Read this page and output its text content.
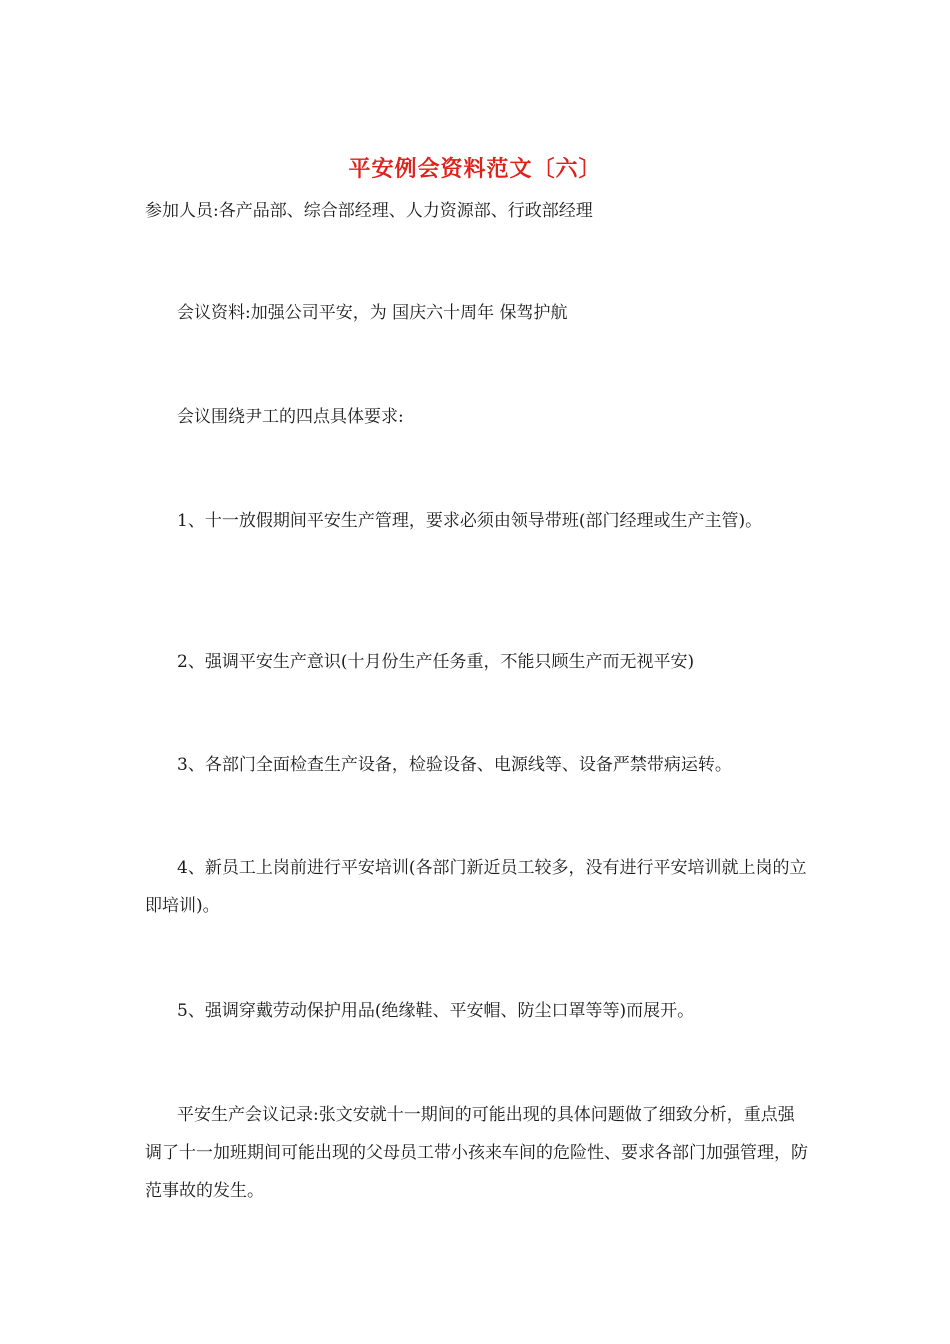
平安例会资料范文〔六〕

参加人员:各产品部、综合部经理、人力资源部、行政部经理

会议资料:加强公司平安，为 国庆六十周年 保驾护航

会议围绕尹工的四点具体要求:

1、十一放假期间平安生产管理，要求必须由领导带班(部门经理或生产主管)。

2、强调平安生产意识(十月份生产任务重，不能只顾生产而无视平安)

3、各部门全面检查生产设备，检验设备、电源线等、设备严禁带病运转。

4、新员工上岗前进行平安培训(各部门新近员工较多，没有进行平安培训就上岗的立即培训)。

5、强调穿戴劳动保护用品(绝缘鞋、平安帽、防尘口罩等等)而展开。

平安生产会议记录:张文安就十一期间的可能出现的具体问题做了细致分析，重点强调了十一加班期间可能出现的父母员工带小孩来车间的危险性、要求各部门加强管理，防范事故的发生。
